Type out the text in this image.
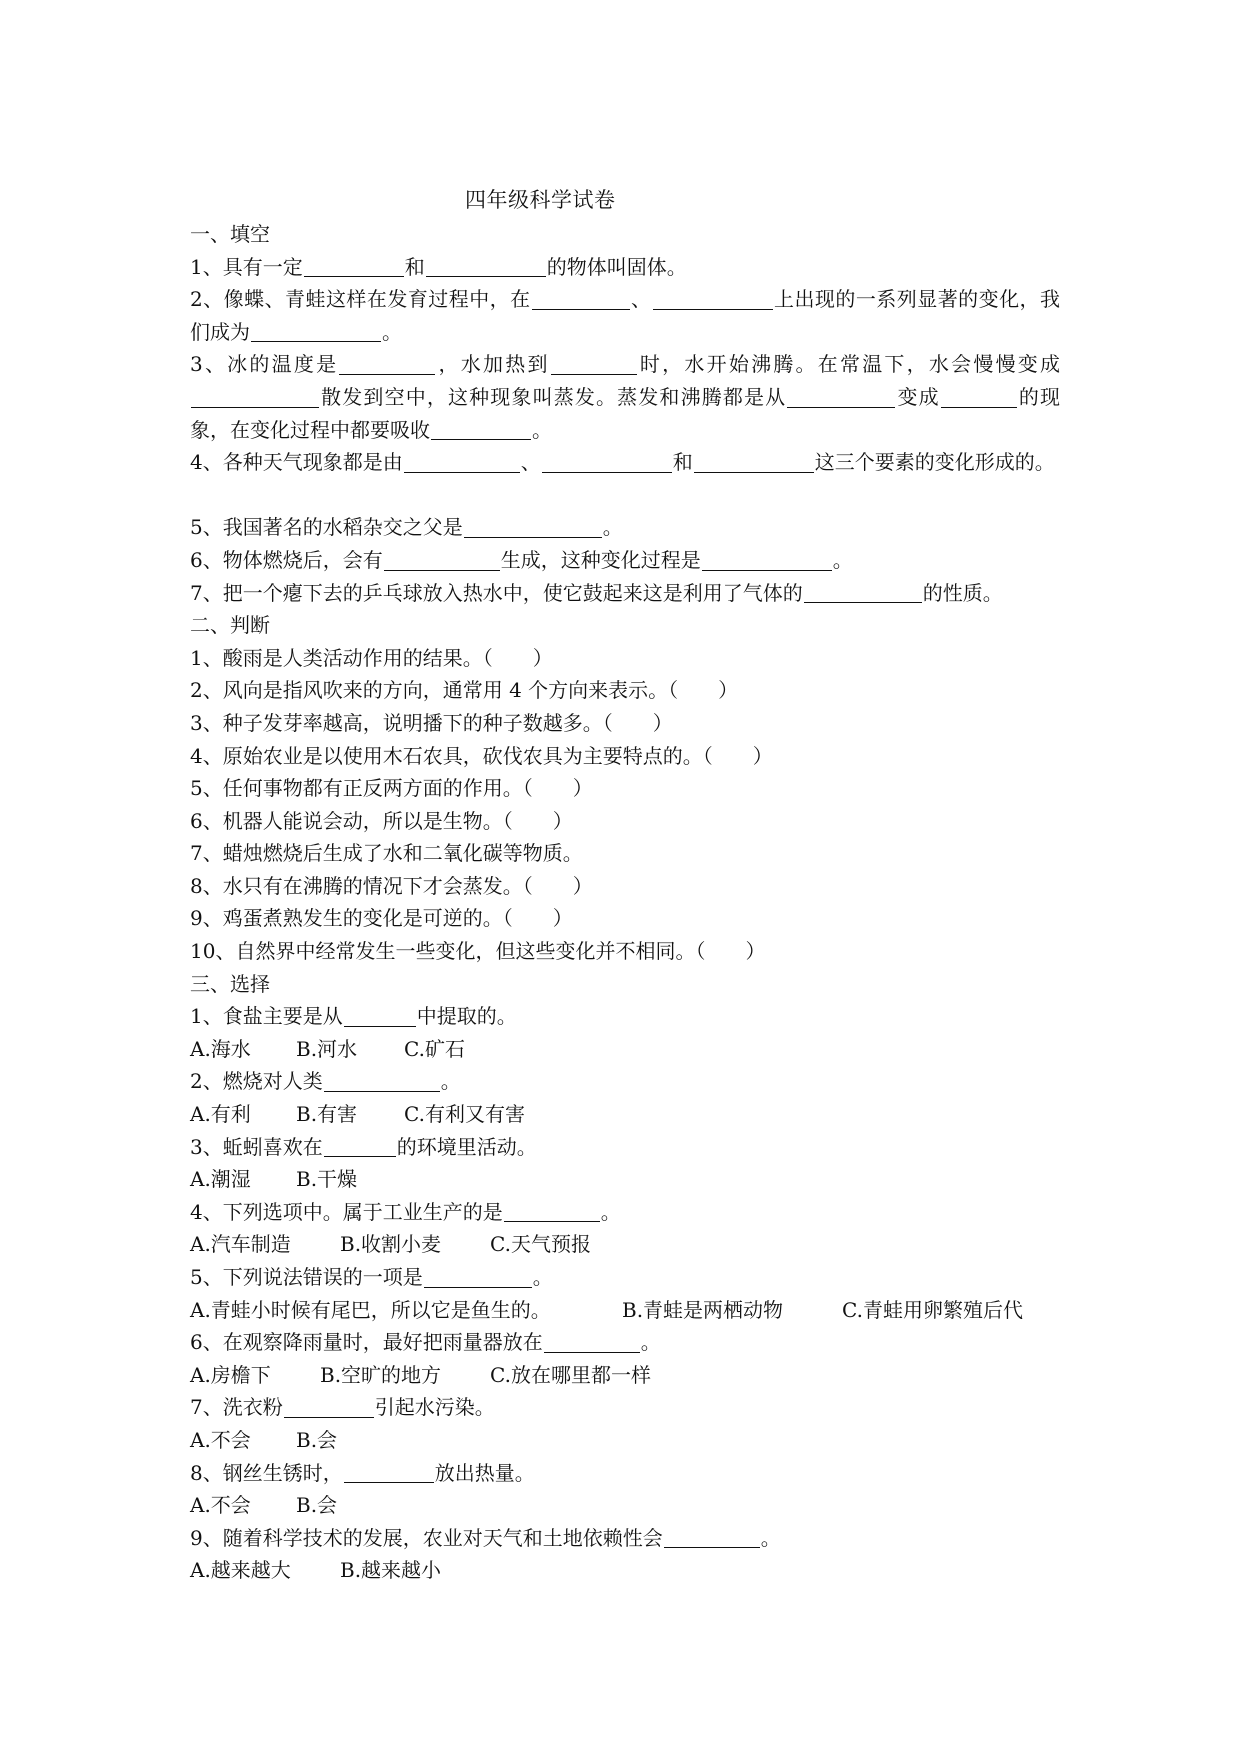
四年级科学试卷
一、填空
1、具有一定	和	的物体叫固体。
2、像蝶、青蛙这样在发育过程中，在	、	上出现的一系列显著的变化，我们成为	。
3、冰的温度是	，水加热到	时，水开始沸腾。在常温下，水会慢慢变成散发到空中，这种现象叫蒸发。蒸发和沸腾都是从	变成	的现象，在变化过程中都要吸收	。
4、各种天气现象都是由	、	和	这三个要素的变化形成的。
5、我国著名的水稻杂交之父是	。
6、物体燃烧后，会有	生成，这种变化过程是	。
7、把一个瘪下去的乒乓球放入热水中，使它鼓起来这是利用了气体的	的性质。
二、判断
1、酸雨是人类活动作用的结果。（　　）
2、风向是指风吹来的方向，通常用 4 个方向来表示。（　　）
3、种子发芽率越高，说明播下的种子数越多。（　　）
4、原始农业是以使用木石农具，砍伐农具为主要特点的。（　　）
5、任何事物都有正反两方面的作用。（　　）
6、机器人能说会动，所以是生物。（　　）
7、蜡烛燃烧后生成了水和二氧化碳等物质。
8、水只有在沸腾的情况下才会蒸发。（　　）
9、鸡蛋煮熟发生的变化是可逆的。（　　）
10、自然界中经常发生一些变化，但这些变化并不相同。（　　）
三、选择
1、食盐主要是从	中提取的。
A.海水 B.河水 C.矿石
2、燃烧对人类	。
A.有利 B.有害 C.有利又有害
3、蚯蚓喜欢在	的环境里活动。
A.潮湿 B.干燥
4、下列选项中。属于工业生产的是	。
A.汽车制造 B.收割小麦 C.天气预报
5、下列说法错误的一项是	。
A.青蛙小时候有尾巴，所以它是鱼生的。	B.青蛙是两栖动物	C.青蛙用卵繁殖后代
6、在观察降雨量时，最好把雨量器放在	。
A.房檐下 B.空旷的地方 C.放在哪里都一样
7、洗衣粉	引起水污染。
A.不会 B.会
8、钢丝生锈时，	放出热量。
A.不会 B.会
9、随着科学技术的发展，农业对天气和土地依赖性会	。
A.越来越大 B.越来越小
